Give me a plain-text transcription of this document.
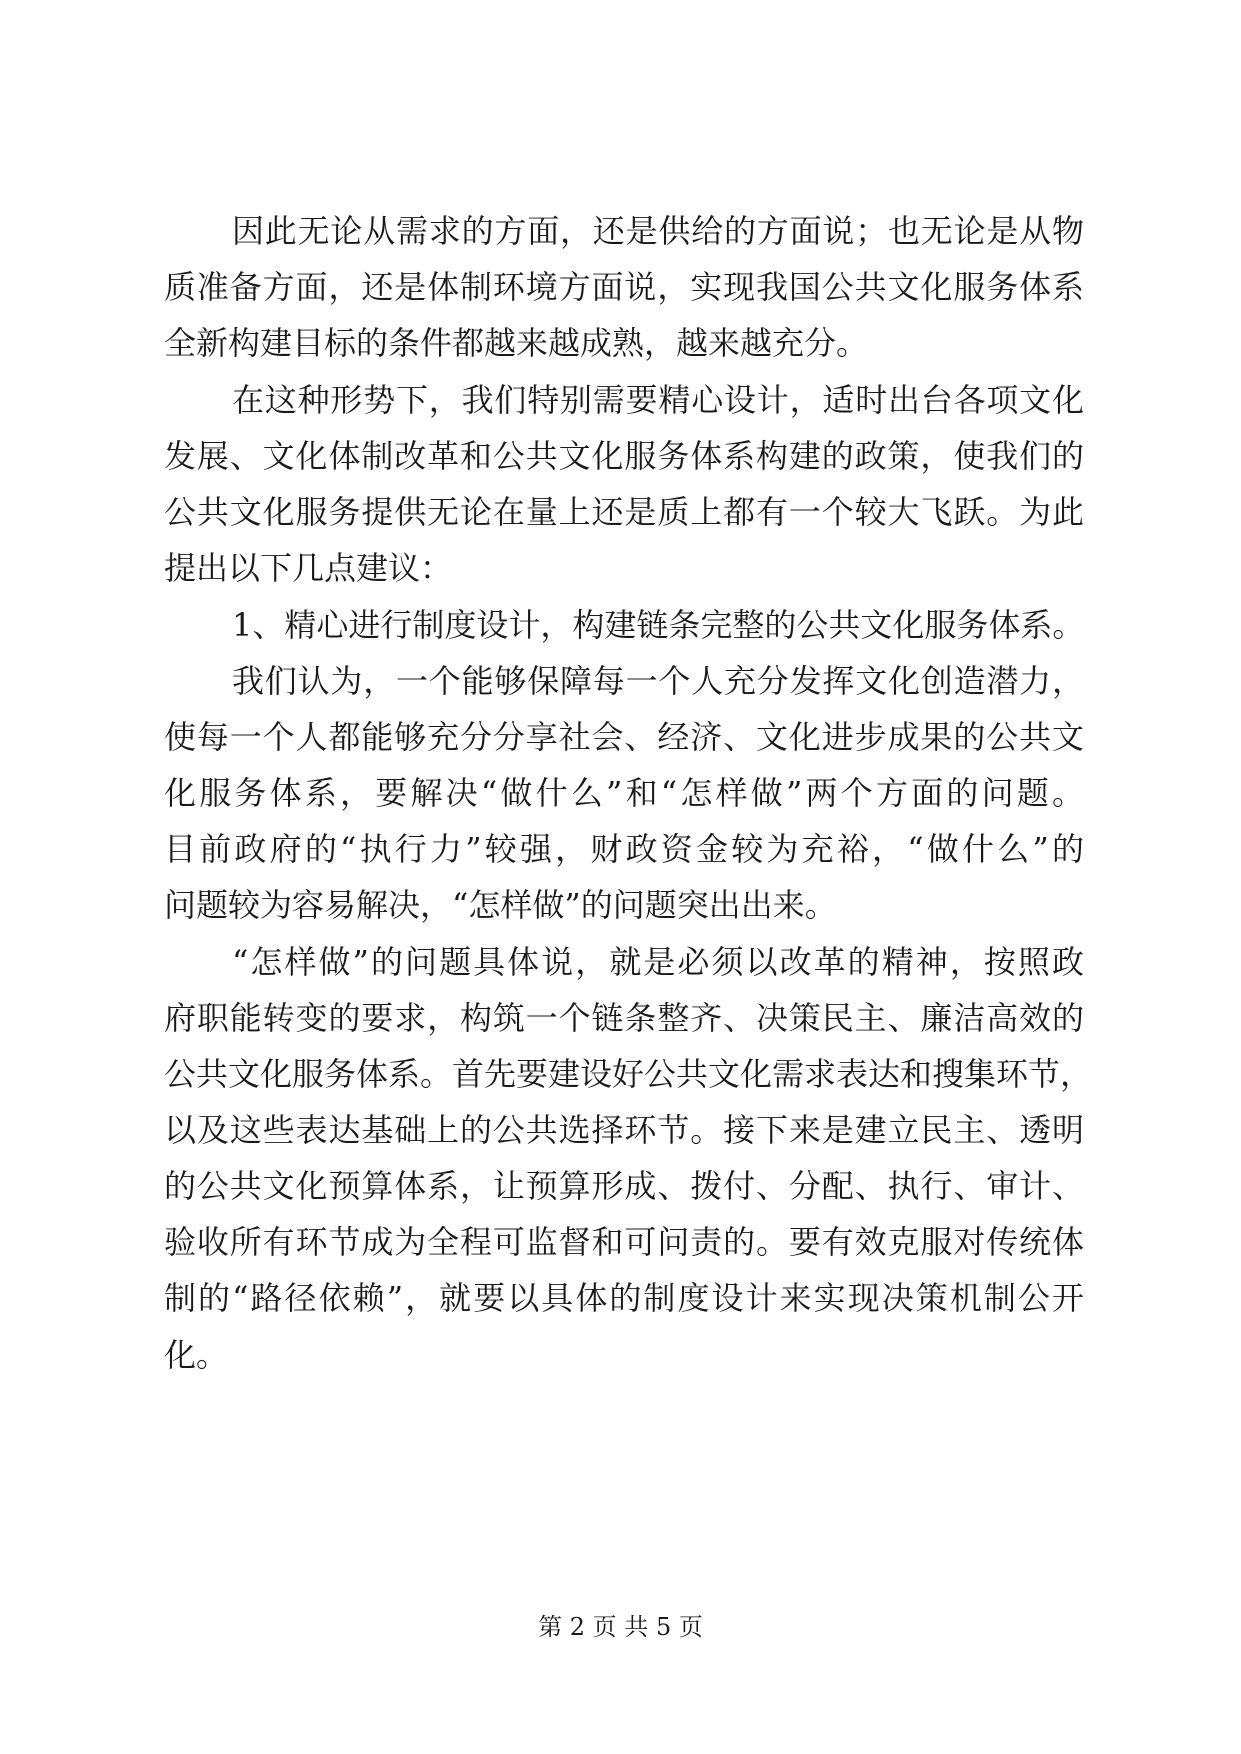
因此无论从需求的方面，还是供给的方面说；也无论是从物
质准备方面，还是体制环境方面说，实现我国公共文化服务体系
全新构建目标的条件都越来越成熟，越来越充分。
在这种形势下，我们特别需要精心设计，适时出台各项文化
发展、文化体制改革和公共文化服务体系构建的政策，使我们的
公共文化服务提供无论在量上还是质上都有一个较大飞跃。为此
提出以下几点建议：
1、精心进行制度设计，构建链条完整的公共文化服务体系。
我们认为，一个能够保障每一个人充分发挥文化创造潜力，
使每一个人都能够充分分享社会、经济、文化进步成果的公共文
化服务体系，要解决“做什么”和“怎样做”两个方面的问题。
目前政府的“执行力”较强，财政资金较为充裕，“做什么”的
问题较为容易解决，“怎样做”的问题突出出来。
“怎样做”的问题具体说，就是必须以改革的精神，按照政
府职能转变的要求，构筑一个链条整齐、决策民主、廉洁高效的
公共文化服务体系。首先要建设好公共文化需求表达和搜集环节，
以及这些表达基础上的公共选择环节。接下来是建立民主、透明
的公共文化预算体系，让预算形成、拨付、分配、执行、审计、
验收所有环节成为全程可监督和可问责的。要有效克服对传统体
制的“路径依赖”，就要以具体的制度设计来实现决策机制公开
化。
第 2 页 共 5 页
